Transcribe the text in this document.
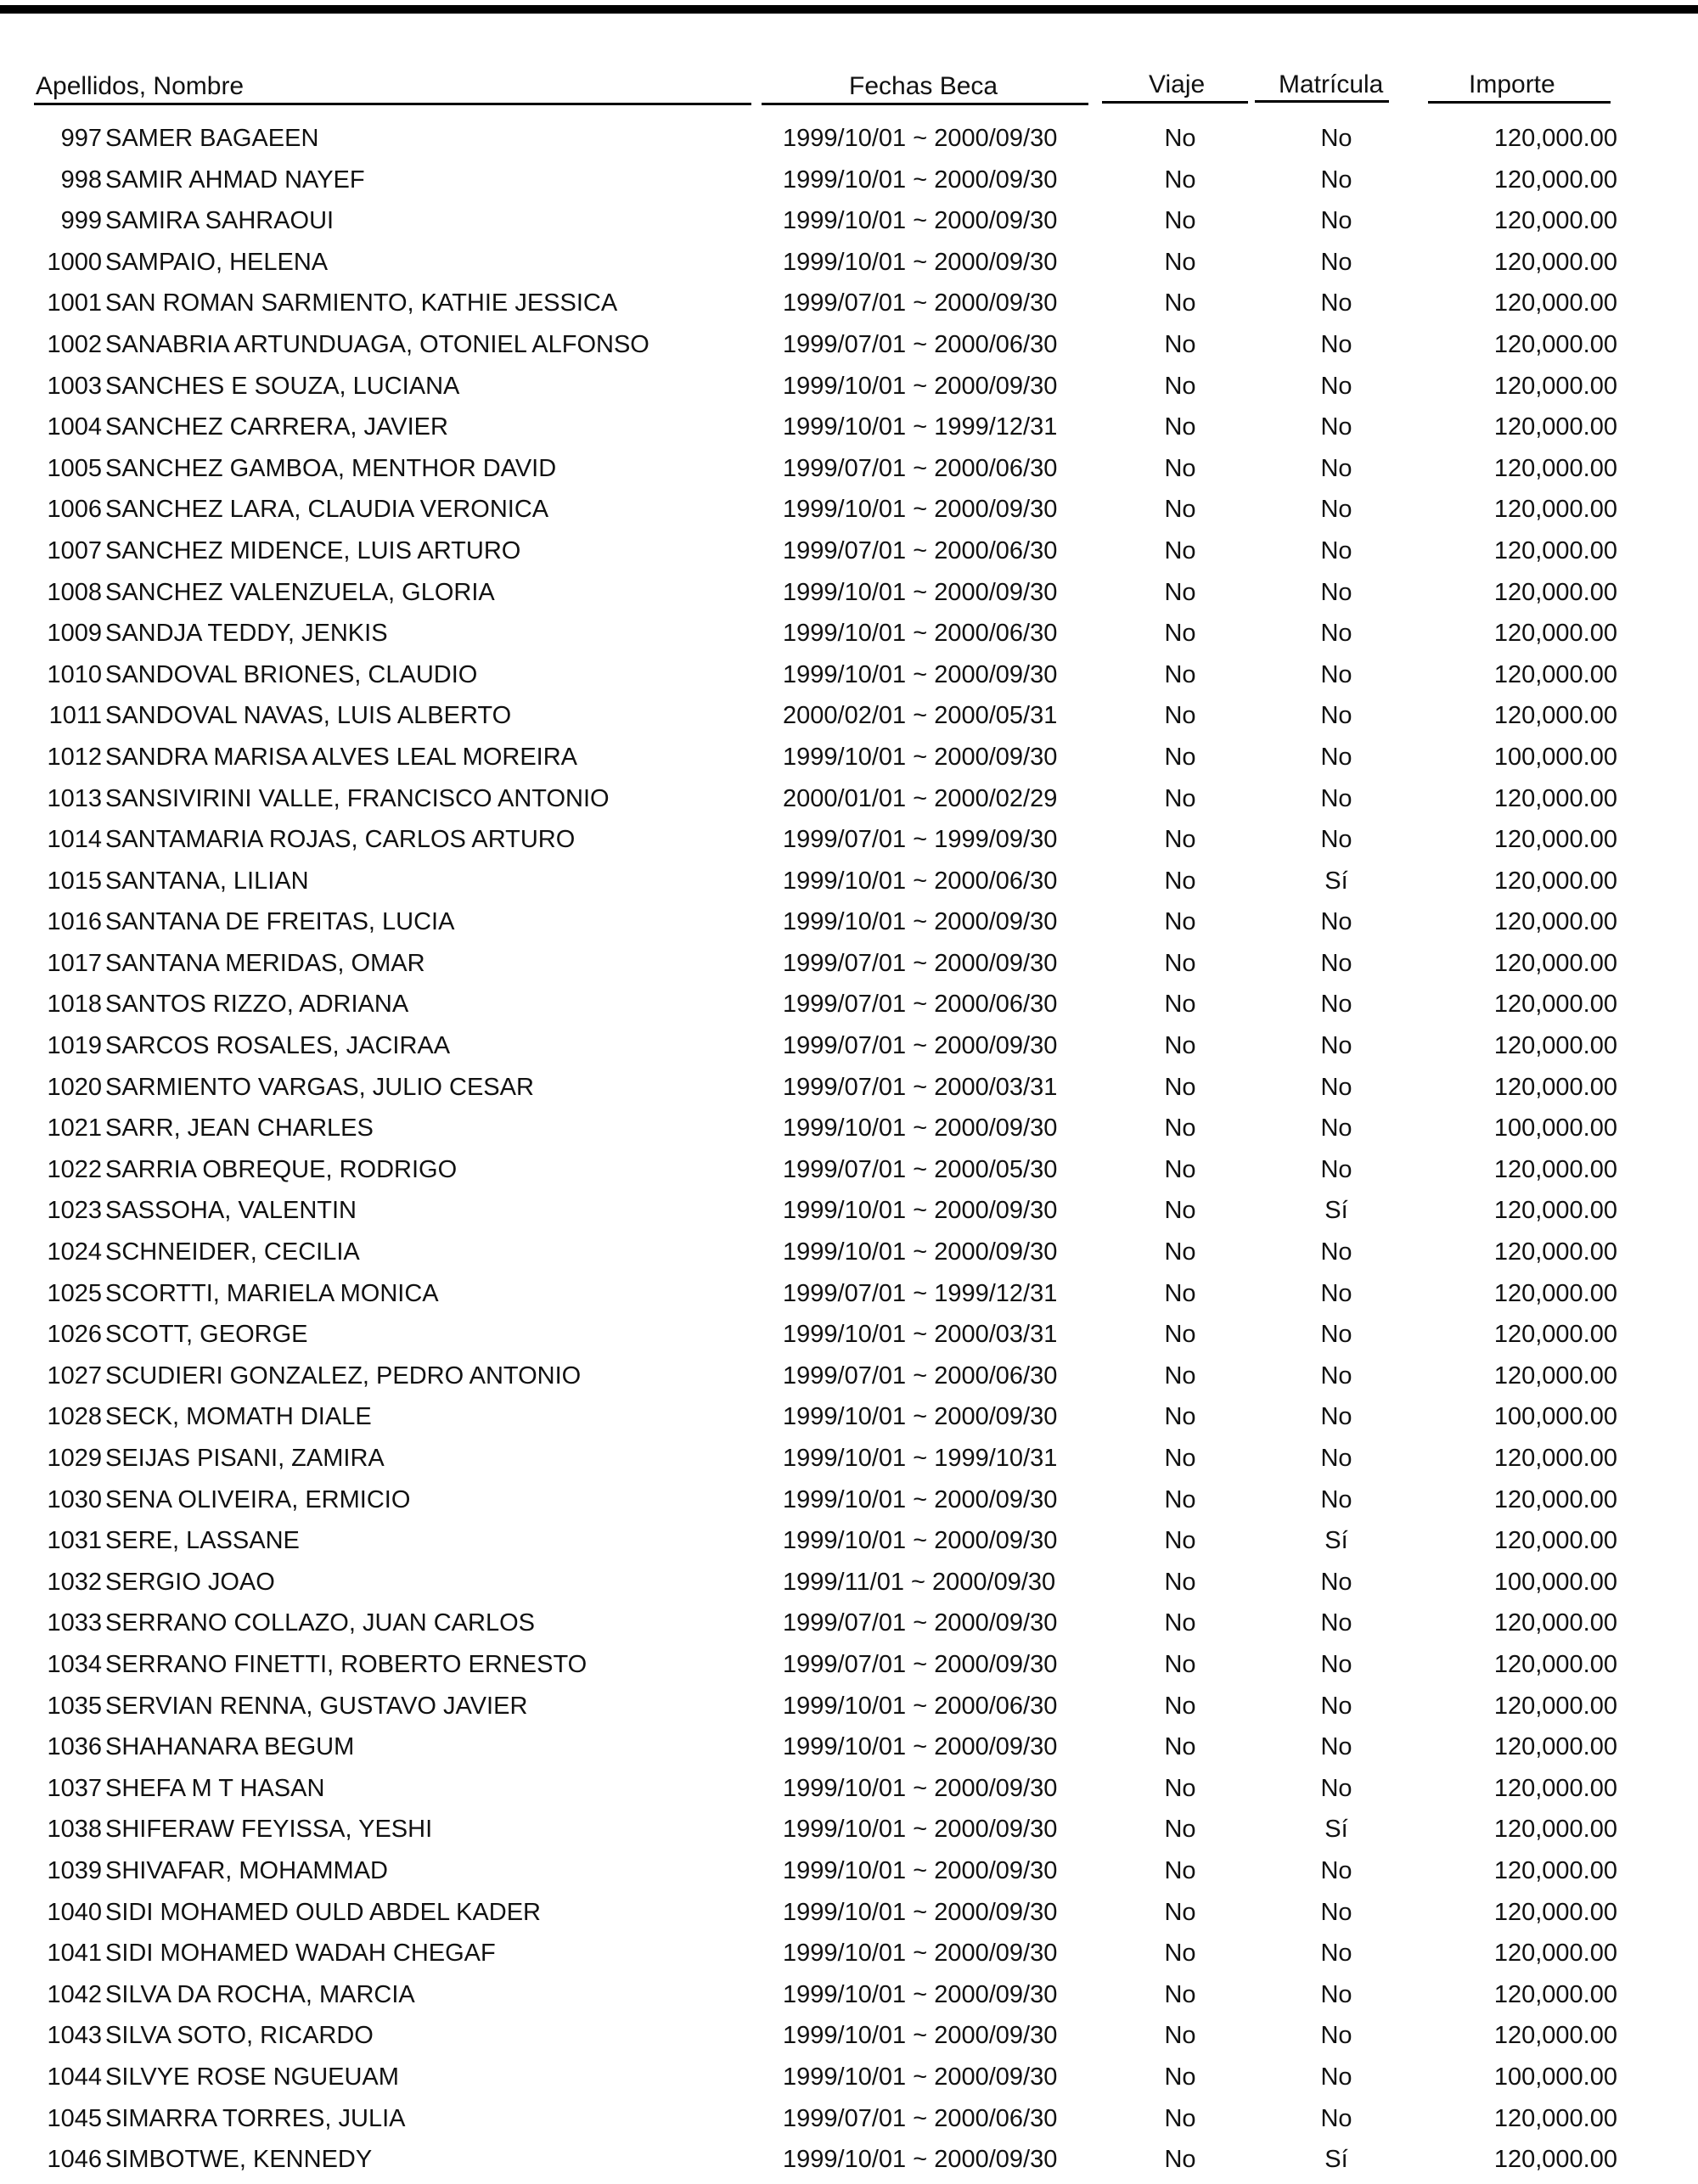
Apellidos, Nombre	Fechas Beca	Viaje	Matrícula	Importe
997 SAMER BAGAEEN	1999/10/01 ~ 2000/09/30	No	No	120,000.00
998 SAMIR AHMAD NAYEF	1999/10/01 ~ 2000/09/30	No	No	120,000.00
999 SAMIRA SAHRAOUI	1999/10/01 ~ 2000/09/30	No	No	120,000.00
1000 SAMPAIO, HELENA	1999/10/01 ~ 2000/09/30	No	No	120,000.00
1001 SAN ROMAN SARMIENTO, KATHIE JESSICA	1999/07/01 ~ 2000/09/30	No	No	120,000.00
1002 SANABRIA ARTUNDUAGA, OTONIEL ALFONSO	1999/07/01 ~ 2000/06/30	No	No	120,000.00
1003 SANCHES E SOUZA, LUCIANA	1999/10/01 ~ 2000/09/30	No	No	120,000.00
1004 SANCHEZ CARRERA, JAVIER	1999/10/01 ~ 1999/12/31	No	No	120,000.00
1005 SANCHEZ GAMBOA, MENTHOR DAVID	1999/07/01 ~ 2000/06/30	No	No	120,000.00
1006 SANCHEZ LARA, CLAUDIA VERONICA	1999/10/01 ~ 2000/09/30	No	No	120,000.00
1007 SANCHEZ MIDENCE, LUIS ARTURO	1999/07/01 ~ 2000/06/30	No	No	120,000.00
1008 SANCHEZ VALENZUELA, GLORIA	1999/10/01 ~ 2000/09/30	No	No	120,000.00
1009 SANDJA TEDDY, JENKIS	1999/10/01 ~ 2000/06/30	No	No	120,000.00
1010 SANDOVAL BRIONES, CLAUDIO	1999/10/01 ~ 2000/09/30	No	No	120,000.00
1011 SANDOVAL NAVAS, LUIS ALBERTO	2000/02/01 ~ 2000/05/31	No	No	120,000.00
1012 SANDRA MARISA ALVES LEAL MOREIRA	1999/10/01 ~ 2000/09/30	No	No	100,000.00
1013 SANSIVIRINI VALLE, FRANCISCO ANTONIO	2000/01/01 ~ 2000/02/29	No	No	120,000.00
1014 SANTAMARIA ROJAS, CARLOS ARTURO	1999/07/01 ~ 1999/09/30	No	No	120,000.00
1015 SANTANA, LILIAN	1999/10/01 ~ 2000/06/30	No	Sí	120,000.00
1016 SANTANA DE FREITAS, LUCIA	1999/10/01 ~ 2000/09/30	No	No	120,000.00
1017 SANTANA MERIDAS, OMAR	1999/07/01 ~ 2000/09/30	No	No	120,000.00
1018 SANTOS RIZZO, ADRIANA	1999/07/01 ~ 2000/06/30	No	No	120,000.00
1019 SARCOS ROSALES, JACIRAA	1999/07/01 ~ 2000/09/30	No	No	120,000.00
1020 SARMIENTO VARGAS, JULIO CESAR	1999/07/01 ~ 2000/03/31	No	No	120,000.00
1021 SARR, JEAN CHARLES	1999/10/01 ~ 2000/09/30	No	No	100,000.00
1022 SARRIA OBREQUE, RODRIGO	1999/07/01 ~ 2000/05/30	No	No	120,000.00
1023 SASSOHA, VALENTIN	1999/10/01 ~ 2000/09/30	No	Sí	120,000.00
1024 SCHNEIDER, CECILIA	1999/10/01 ~ 2000/09/30	No	No	120,000.00
1025 SCORTTI, MARIELA MONICA	1999/07/01 ~ 1999/12/31	No	No	120,000.00
1026 SCOTT, GEORGE	1999/10/01 ~ 2000/03/31	No	No	120,000.00
1027 SCUDIERI GONZALEZ, PEDRO ANTONIO	1999/07/01 ~ 2000/06/30	No	No	120,000.00
1028 SECK, MOMATH DIALE	1999/10/01 ~ 2000/09/30	No	No	100,000.00
1029 SEIJAS PISANI, ZAMIRA	1999/10/01 ~ 1999/10/31	No	No	120,000.00
1030 SENA OLIVEIRA, ERMICIO	1999/10/01 ~ 2000/09/30	No	No	120,000.00
1031 SERE, LASSANE	1999/10/01 ~ 2000/09/30	No	Sí	120,000.00
1032 SERGIO JOAO	1999/11/01 ~ 2000/09/30	No	No	100,000.00
1033 SERRANO COLLAZO, JUAN CARLOS	1999/07/01 ~ 2000/09/30	No	No	120,000.00
1034 SERRANO FINETTI, ROBERTO ERNESTO	1999/07/01 ~ 2000/09/30	No	No	120,000.00
1035 SERVIAN RENNA, GUSTAVO JAVIER	1999/10/01 ~ 2000/06/30	No	No	120,000.00
1036 SHAHANARA BEGUM	1999/10/01 ~ 2000/09/30	No	No	120,000.00
1037 SHEFA M T HASAN	1999/10/01 ~ 2000/09/30	No	No	120,000.00
1038 SHIFERAW FEYISSA, YESHI	1999/10/01 ~ 2000/09/30	No	Sí	120,000.00
1039 SHIVAFAR, MOHAMMAD	1999/10/01 ~ 2000/09/30	No	No	120,000.00
1040 SIDI MOHAMED OULD ABDEL KADER	1999/10/01 ~ 2000/09/30	No	No	120,000.00
1041 SIDI MOHAMED WADAH CHEGAF	1999/10/01 ~ 2000/09/30	No	No	120,000.00
1042 SILVA DA ROCHA, MARCIA	1999/10/01 ~ 2000/09/30	No	No	120,000.00
1043 SILVA SOTO, RICARDO	1999/10/01 ~ 2000/09/30	No	No	120,000.00
1044 SILVYE ROSE NGUEUAM	1999/10/01 ~ 2000/09/30	No	No	100,000.00
1045 SIMARRA TORRES, JULIA	1999/07/01 ~ 2000/06/30	No	No	120,000.00
1046 SIMBOTWE, KENNEDY	1999/10/01 ~ 2000/09/30	No	Sí	120,000.00
